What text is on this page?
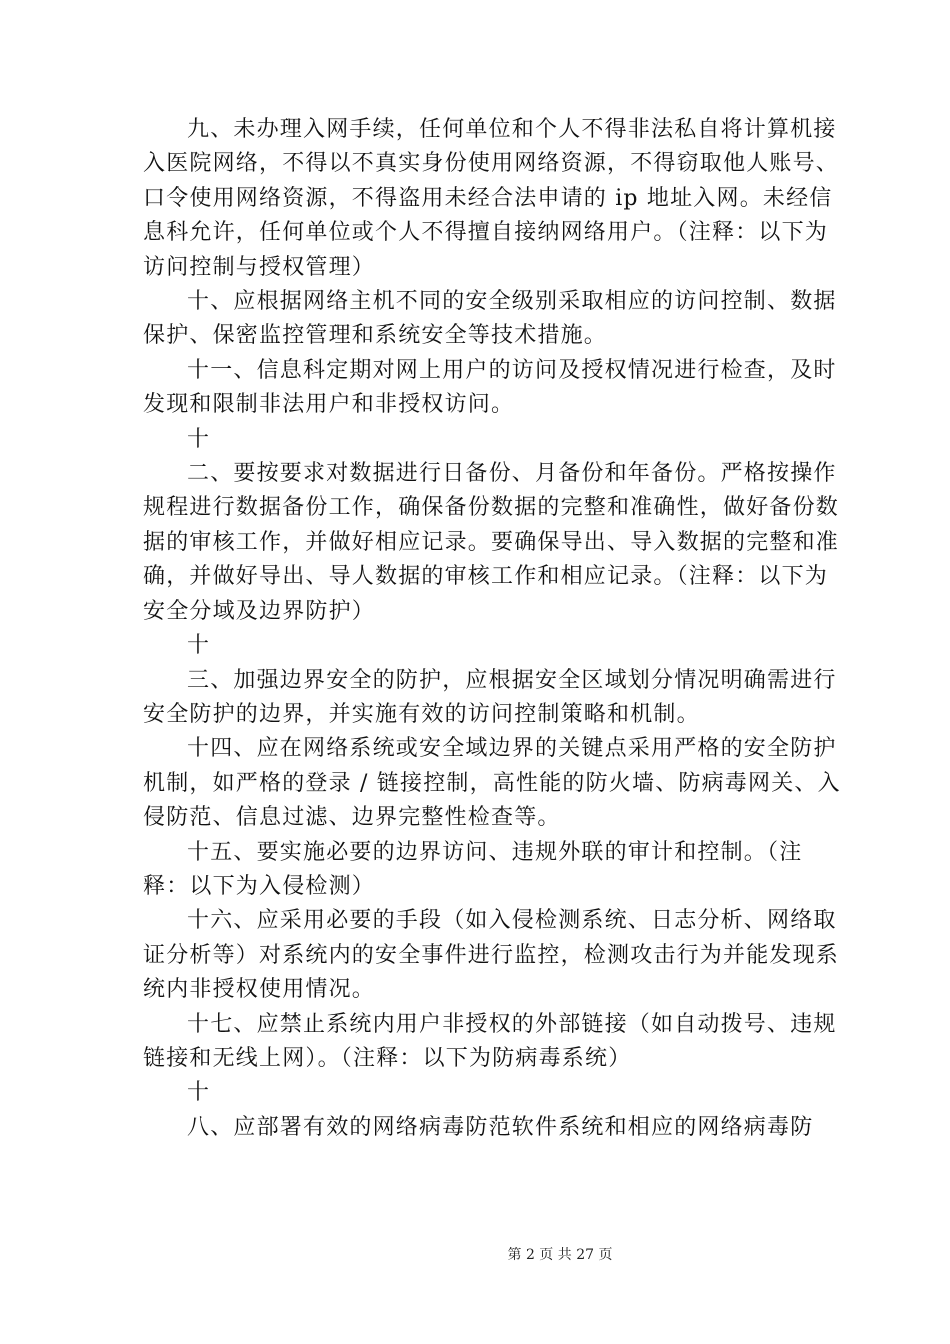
九、未办理入网手续，任何单位和个人不得非法私自将计算机接入医院网络，不得以不真实身份使用网络资源，不得窃取他人账号、口令使用网络资源，不得盗用未经合法申请的 ip 地址入网。未经信息科允许，任何单位或个人不得擅自接纳网络用户。（注释：以下为访问控制与授权管理）

十、应根据网络主机不同的安全级别采取相应的访问控制、数据保护、保密监控管理和系统安全等技术措施。

十一、信息科定期对网上用户的访问及授权情况进行检查，及时发现和限制非法用户和非授权访问。

十

二、要按要求对数据进行日备份、月备份和年备份。严格按操作规程进行数据备份工作，确保备份数据的完整和准确性，做好备份数据的审核工作，并做好相应记录。要确保导出、导入数据的完整和准确，并做好导出、导人数据的审核工作和相应记录。（注释：以下为安全分域及边界防护）

十

三、加强边界安全的防护，应根据安全区域划分情况明确需进行安全防护的边界，并实施有效的访问控制策略和机制。

十四、应在网络系统或安全域边界的关键点采用严格的安全防护机制，如严格的登录 / 链接控制，高性能的防火墙、防病毒网关、入侵防范、信息过滤、边界完整性检查等。

十五、要实施必要的边界访问、违规外联的审计和控制。（注释：以下为入侵检测）

十六、应采用必要的手段（如入侵检测系统、日志分析、网络取证分析等）对系统内的安全事件进行监控，检测攻击行为并能发现系统内非授权使用情况。

十七、应禁止系统内用户非授权的外部链接（如自动拨号、违规链接和无线上网）。（注释：以下为防病毒系统）

十

八、应部署有效的网络病毒防范软件系统和相应的网络病毒防

第 2 页 共 27 页
